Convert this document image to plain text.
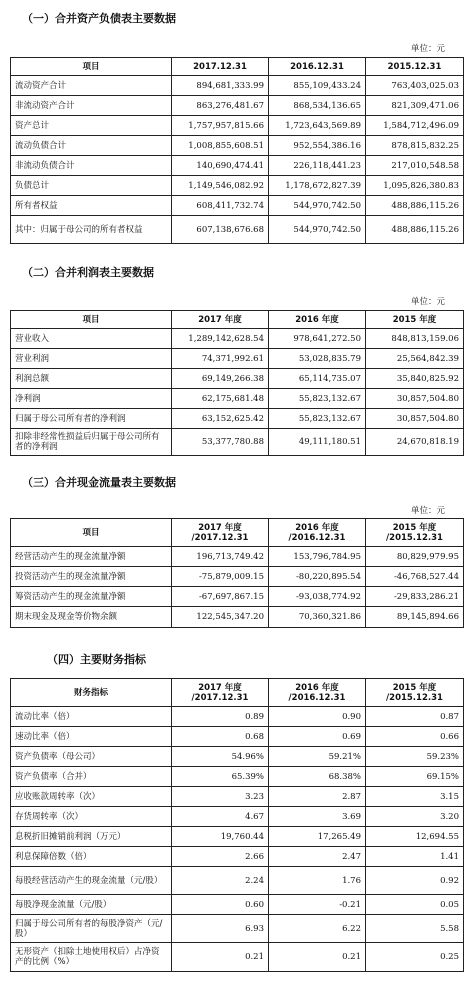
（一）合并资产负债表主要数据
单位：元
项目	2017.12.31	2016.12.31	2015.12.31
流动资产合计	894,681,333.99	855,109,433.24	763,403,025.03
非流动资产合计	863,276,481.67	868,534,136.65	821,309,471.06
资产总计	1,757,957,815.66	1,723,643,569.89	1,584,712,496.09
流动负债合计	1,008,855,608.51	952,554,386.16	878,815,832.25
非流动负债合计	140,690,474.41	226,118,441.23	217,010,548.58
负债总计	1,149,546,082.92	1,178,672,827.39	1,095,826,380.83
所有者权益	608,411,732.74	544,970,742.50	488,886,115.26
其中：归属于母公司的所有者权益	607,138,676.68	544,970,742.50	488,886,115.26
（二）合并利润表主要数据
单位：元
项目	2017 年度	2016 年度	2015 年度
营业收入	1,289,142,628.54	978,641,272.50	848,813,159.06
营业利润	74,371,992.61	53,028,835.79	25,564,842.39
利润总额	69,149,266.38	65,114,735.07	35,840,825.92
净利润	62,175,681.48	55,823,132.67	30,857,504.80
归属于母公司所有者的净利润	63,152,625.42	55,823,132.67	30,857,504.80
扣除非经常性损益后归属于母公司所有者的净利润	53,377,780.88	49,111,180.51	24,670,818.19
（三）合并现金流量表主要数据
单位：元
项目	2017 年度 /2017.12.31	2016 年度 /2016.12.31	2015 年度 /2015.12.31
经营活动产生的现金流量净额	196,713,749.42	153,796,784.95	80,829,979.95
投资活动产生的现金流量净额	-75,879,009.15	-80,220,895.54	-46,768,527.44
筹资活动产生的现金流量净额	-67,697,867.15	-93,038,774.92	-29,833,286.21
期末现金及现金等价物余额	122,545,347.20	70,360,321.86	89,145,894.66
（四）主要财务指标
财务指标	2017 年度 /2017.12.31	2016 年度 /2016.12.31	2015 年度 /2015.12.31
流动比率（倍）	0.89	0.90	0.87
速动比率（倍）	0.68	0.69	0.66
资产负债率（母公司）	54.96%	59.21%	59.23%
资产负债率（合并）	65.39%	68.38%	69.15%
应收账款周转率（次）	3.23	2.87	3.15
存货周转率（次）	4.67	3.69	3.20
息税折旧摊销前利润（万元）	19,760.44	17,265.49	12,694.55
利息保障倍数（倍）	2.66	2.47	1.41
每股经营活动产生的现金流量（元/股）	2.24	1.76	0.92
每股净现金流量（元/股）	0.60	-0.21	0.05
归属于母公司所有者的每股净资产（元/股）	6.93	6.22	5.58
无形资产（扣除土地使用权后）占净资产的比例（%）	0.21	0.21	0.25
